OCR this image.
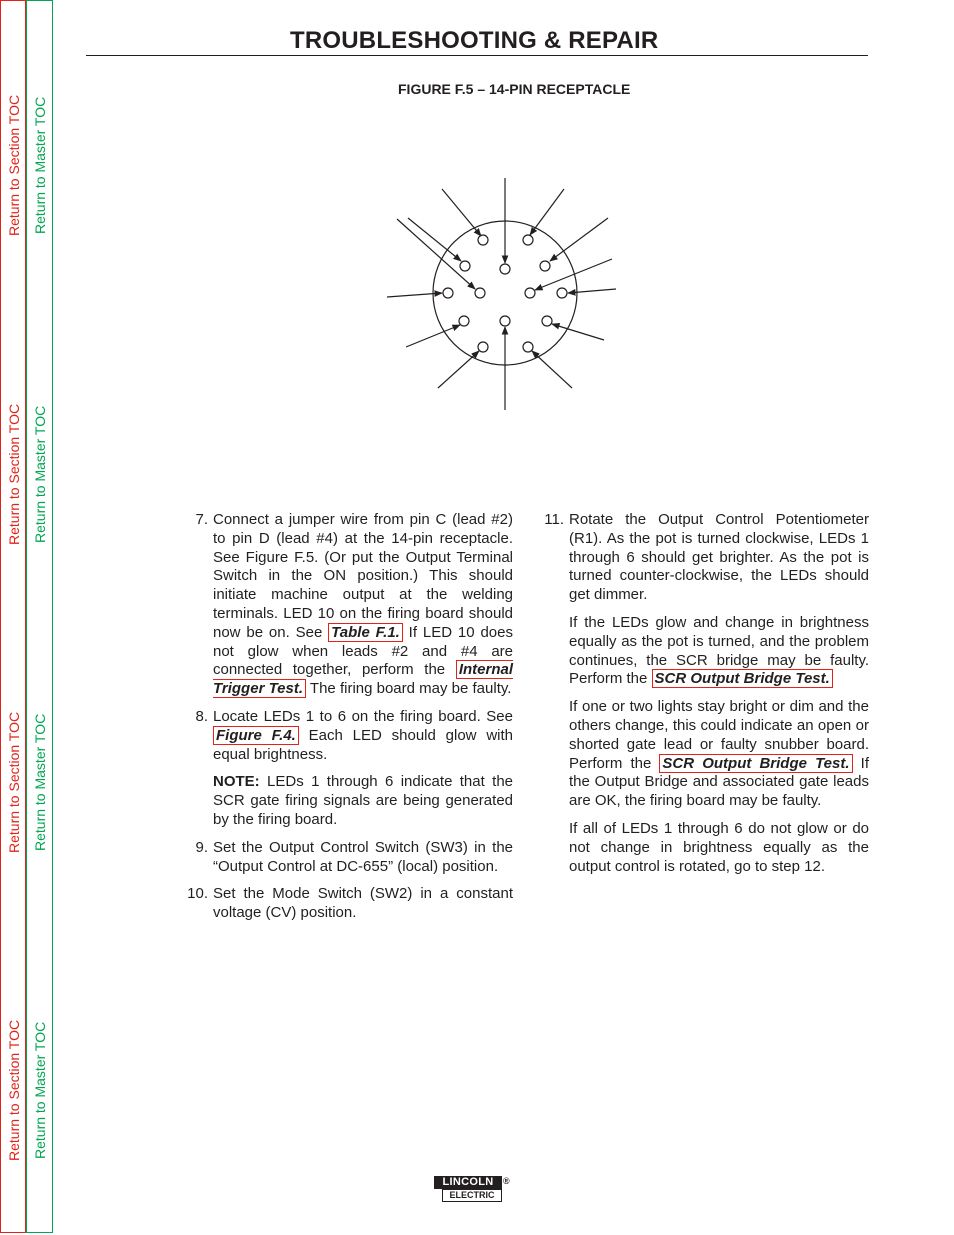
Return to Section TOC Return to Master TOC
Return to Section TOC Return to Master TOC
Return to Section TOC Return to Master TOC
Return to Section TOC Return to Master TOC
TROUBLESHOOTING & REPAIR
FIGURE F.5 – 14-PIN RECEPTACLE
7. Connect a jumper wire from pin C (lead #2) to pin D (lead #4) at the 14-pin receptacle. See Figure F.5. (Or put the Output Terminal Switch in the ON position.) This should initiate machine output at the welding terminals. LED 10 on the firing board should now be on. See Table F.1. If LED 10 does not glow when leads #2 and #4 are connected together, perform the Internal Trigger Test. The firing board may be faulty.
8. Locate LEDs 1 to 6 on the firing board. See Figure F.4. Each LED should glow with equal brightness.
NOTE: LEDs 1 through 6 indicate that the SCR gate firing signals are being generated by the firing board.
9. Set the Output Control Switch (SW3) in the “Output Control at DC-655” (local) position.
10. Set the Mode Switch (SW2) in a constant voltage (CV) position.
11. Rotate the Output Control Potentiometer (R1). As the pot is turned clockwise, LEDs 1 through 6 should get brighter. As the pot is turned counter-clockwise, the LEDs should get dimmer.
If the LEDs glow and change in brightness equally as the pot is turned, and the problem continues, the SCR bridge may be faulty. Perform the SCR Output Bridge Test.
If one or two lights stay bright or dim and the others change, this could indicate an open or shorted gate lead or faulty snubber board. Perform the SCR Output Bridge Test. If the Output Bridge and associated gate leads are OK, the firing board may be faulty.
If all of LEDs 1 through 6 do not glow or do not change in brightness equally as the output control is rotated, go to step 12.
LINCOLN	®
ELECTRIC
